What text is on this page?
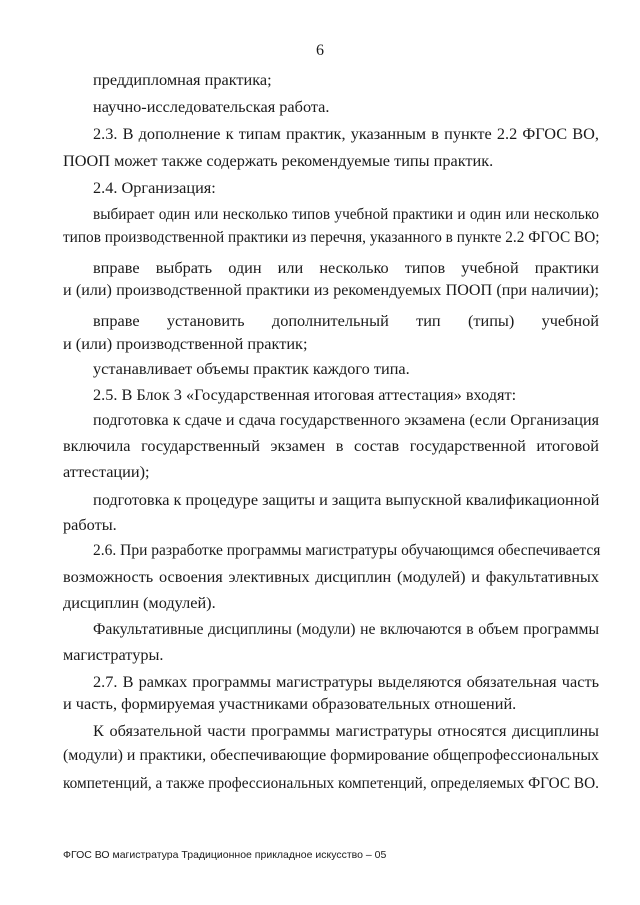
6
преддипломная практика;
научно-исследовательская работа.
2.3. В дополнение к типам практик, указанным в пункте 2.2 ФГОС ВО,
ПООП может также содержать рекомендуемые типы практик.
2.4. Организация:
выбирает один или несколько типов учебной практики и один или несколько
типов производственной практики из перечня, указанного в пункте 2.2 ФГОС ВО;
вправе выбрать один или несколько типов учебной практики
и (или) производственной практики из рекомендуемых ПООП (при наличии);
вправе установить дополнительный тип (типы) учебной
и (или) производственной практик;
устанавливает объемы практик каждого типа.
2.5. В Блок 3 «Государственная итоговая аттестация» входят:
подготовка к сдаче и сдача государственного экзамена (если Организация
включила государственный экзамен в состав государственной итоговой
аттестации);
подготовка к процедуре защиты и защита выпускной квалификационной
работы.
2.6. При разработке программы магистратуры обучающимся обеспечивается
возможность освоения элективных дисциплин (модулей) и факультативных
дисциплин (модулей).
Факультативные дисциплины (модули) не включаются в объем программы
магистратуры.
2.7. В рамках программы магистратуры выделяются обязательная часть
и часть, формируемая участниками образовательных отношений.
К обязательной части программы магистратуры относятся дисциплины
(модули) и практики, обеспечивающие формирование общепрофессиональных
компетенций, а также профессиональных компетенций, определяемых ФГОС ВО.
ФГОС ВО магистратура Традиционное прикладное искусство – 05
